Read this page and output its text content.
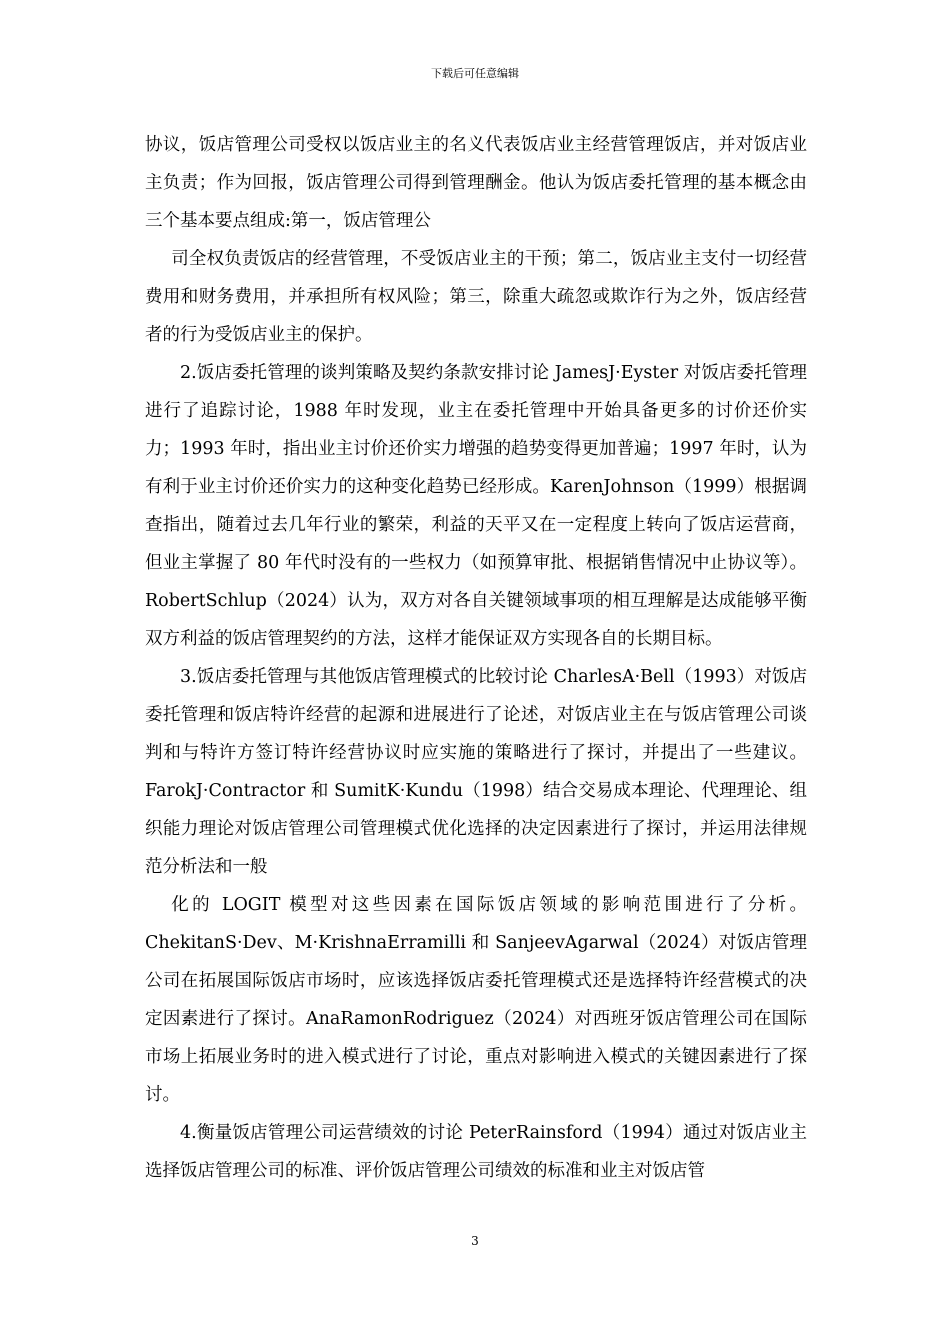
下载后可任意编辑

协议，饭店管理公司受权以饭店业主的名义代表饭店业主经营管理饭店，并对饭店业主负责；作为回报，饭店管理公司得到管理酬金。他认为饭店委托管理的基本概念由三个基本要点组成:第一，饭店管理公

司全权负责饭店的经营管理，不受饭店业主的干预；第二，饭店业主支付一切经营费用和财务费用，并承担所有权风险；第三，除重大疏忽或欺诈行为之外，饭店经营者的行为受饭店业主的保护。

2.饭店委托管理的谈判策略及契约条款安排讨论 JamesJ·Eyster 对饭店委托管理进行了追踪讨论，1988 年时发现，业主在委托管理中开始具备更多的讨价还价实力；1993 年时，指出业主讨价还价实力增强的趋势变得更加普遍；1997 年时，认为有利于业主讨价还价实力的这种变化趋势已经形成。KarenJohnson（1999）根据调查指出，随着过去几年行业的繁荣，利益的天平又在一定程度上转向了饭店运营商，但业主掌握了 80 年代时没有的一些权力（如预算审批、根据销售情况中止协议等）。RobertSchlup（2024）认为，双方对各自关键领域事项的相互理解是达成能够平衡双方利益的饭店管理契约的方法，这样才能保证双方实现各自的长期目标。

3.饭店委托管理与其他饭店管理模式的比较讨论 CharlesA·Bell（1993）对饭店委托管理和饭店特许经营的起源和进展进行了论述，对饭店业主在与饭店管理公司谈判和与特许方签订特许经营协议时应实施的策略进行了探讨，并提出了一些建议。FarokJ·Contractor 和 SumitK·Kundu（1998）结合交易成本理论、代理理论、组织能力理论对饭店管理公司管理模式优化选择的决定因素进行了探讨，并运用法律规范分析法和一般

化的 LOGIT 模型对这些因素在国际饭店领域的影响范围进行了分析。ChekitanS·Dev、M·KrishnaErramilli 和 SanjeevAgarwal（2024）对饭店管理公司在拓展国际饭店市场时，应该选择饭店委托管理模式还是选择特许经营模式的决定因素进行了探讨。AnaRamonRodriguez（2024）对西班牙饭店管理公司在国际市场上拓展业务时的进入模式进行了讨论，重点对影响进入模式的关键因素进行了探讨。

4.衡量饭店管理公司运营绩效的讨论 PeterRainsford（1994）通过对饭店业主选择饭店管理公司的标准、评价饭店管理公司绩效的标准和业主对饭店管

3
